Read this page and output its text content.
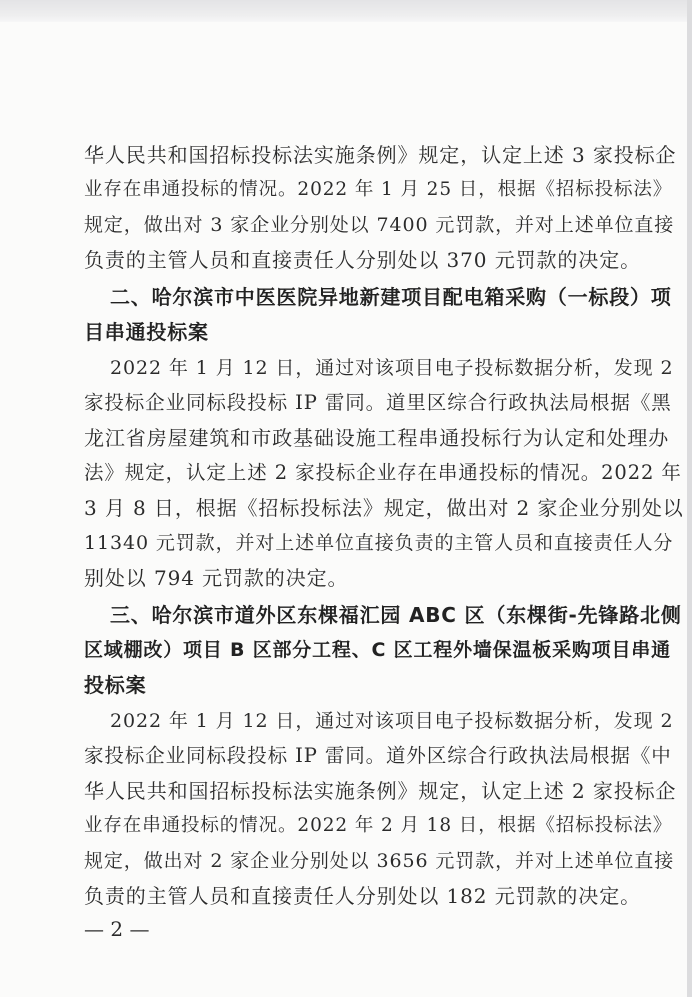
华人民共和国招标投标法实施条例》规定，认定上述 3 家投标企
业存在串通投标的情况。2022 年 1 月 25 日，根据《招标投标法》
规定，做出对 3 家企业分别处以 7400 元罚款，并对上述单位直接
负责的主管人员和直接责任人分别处以 370 元罚款的决定。
二、哈尔滨市中医医院异地新建项目配电箱采购（一标段）项
目串通投标案
2022 年 1 月 12 日，通过对该项目电子投标数据分析，发现 2
家投标企业同标段投标 IP 雷同。道里区综合行政执法局根据《黑
龙江省房屋建筑和市政基础设施工程串通投标行为认定和处理办
法》规定，认定上述 2 家投标企业存在串通投标的情况。2022 年
3 月 8 日，根据《招标投标法》规定，做出对 2 家企业分别处以
11340 元罚款，并对上述单位直接负责的主管人员和直接责任人分
别处以 794 元罚款的决定。
三、哈尔滨市道外区东棵福汇园 ABC 区（东棵街-先锋路北侧
区域棚改）项目 B 区部分工程、C 区工程外墙保温板采购项目串通
投标案
2022 年 1 月 12 日，通过对该项目电子投标数据分析，发现 2
家投标企业同标段投标 IP 雷同。道外区综合行政执法局根据《中
华人民共和国招标投标法实施条例》规定，认定上述 2 家投标企
业存在串通投标的情况。2022 年 2 月 18 日，根据《招标投标法》
规定，做出对 2 家企业分别处以 3656 元罚款，并对上述单位直接
负责的主管人员和直接责任人分别处以 182 元罚款的决定。
— 2 —
